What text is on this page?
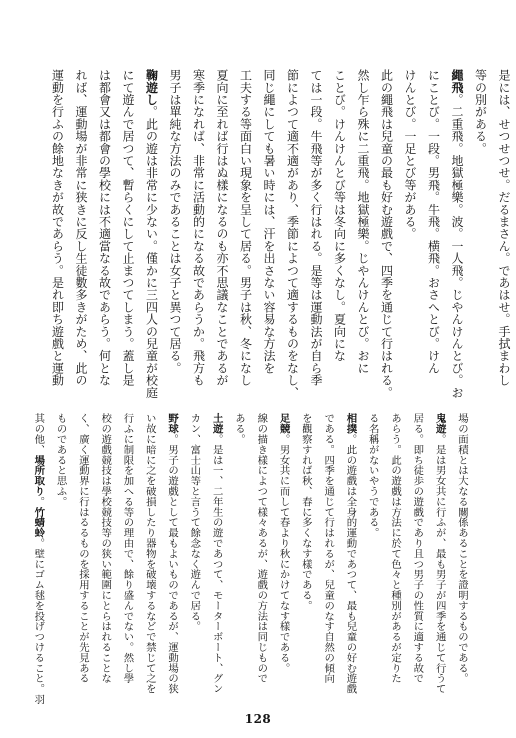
是には、せつせつせ。だるまさん。であはせ。手拭まわし
等の別がある。
繩飛。二重飛。地獄極樂。波。一人飛。じやんけんとび。お
にことび。一段。男飛。牛飛。横飛。おさへとび。けん
けんとび。一足とび等がある。
此の繩飛は兒童の最も好む遊戲で、四季を通じて行はれる。
然し乍ら殊に二重飛。地獄極樂。じやんけんとび。おに
ことび。けんけんとび等は冬向に多くなし。夏向にな
ては一段。牛飛等が多く行はれる。是等は運動法が自ら季
節によつて適不適があり、季節によつて適するものをなし、
同じ繩にしても暑い時には、汗を出さない容易な方法を
工夫する等面白い現象を呈して居る。男子は秋、冬になし
夏向に至れば行はぬ樣になるのも亦不思議なことであるが
寒季になれば、非常に活動的になる故であらうか。飛方も
男子は單純な方法のみであることは女子と異つて居る。
鞠遊し。此の遊は非常に少ない。僅かに三四人の兒童が校庭
にて遊んで居つて、暫らくにして止まつてしまう。蓋し是
は都會又は都會の學校には不適當なる故であらう。何とな
れば、運動場が非常に狭きに反し生徒數多きがため、此の
運動を行ふの餘地なきが故であらう。是れ即ち遊戲と運動
場の面積とは大なる關係あることを證明するものである。
鬼遊。是は男女共に行ふが、最も男子が四季を通じて行うて
居る。即ち徒歩の遊戲であり且つ男子の性質に適する故で
あらう。此の遊戲は方法に於て色々と種別があるが定りた
る名稱がないやうである。
相撲。此の遊戲は全身的運動であつて、最も兒童の好む遊戲
である。四季を通じて行はれるが、兒童のなす自然の傾向
を觀察すれば秋、春に多くなす樣である。
足競。男女共に而して春より秋にかけてなす樣である。
線の描き樣によつて樣々あるが、遊戲の方法は同じもので
ある。
土遊。是は一、二年生の遊であつて、モーターボート、グン
カン、富士山等と言うて餘念なく遊んで居る。
野球。男子の遊戲として最もよいものであるが、運動場の狭
い故に暗に之を破損したり器物を破壊するなどで禁じて之を
行ふに制限を加へる等の理由で、餘り盛んでない。然し學
校の遊戲競技は學校競技等の狭い範圍にとらはれることな
く、廣く運動界に行はるるものを採用することが先見ある
ものであると思ふ。
其の他、場所取り。竹蜻蛉。壁にゴム毬を投げつけること。羽
128
